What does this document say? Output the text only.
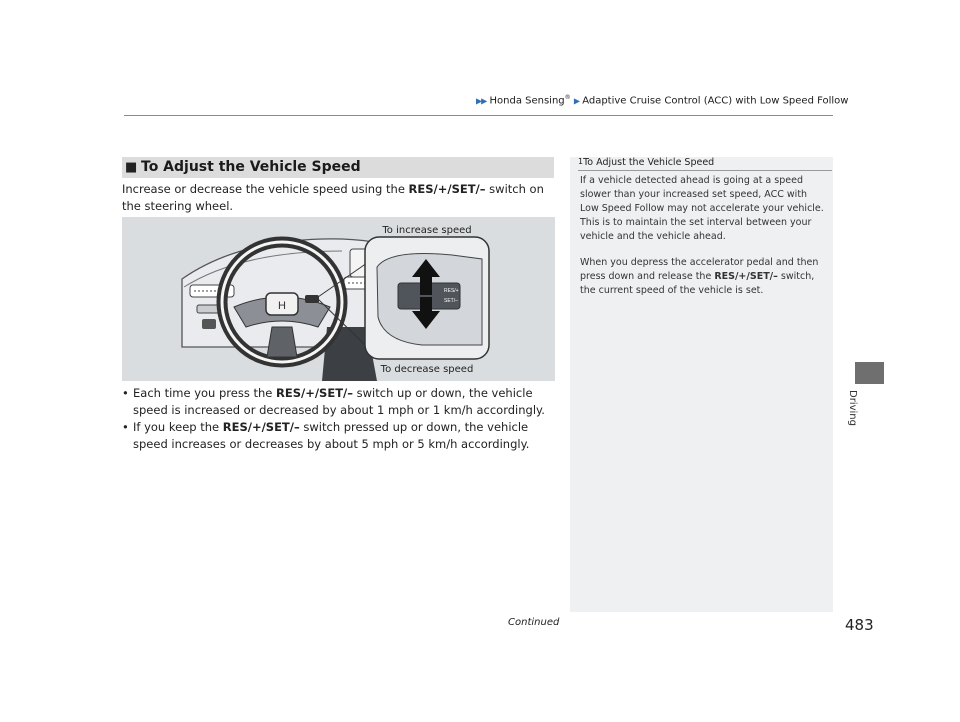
▶▶ Honda Sensing® ▶ Adaptive Cruise Control (ACC) with Low Speed Follow
Driving
■ To Adjust the Vehicle Speed
Increase or decrease the vehicle speed using the RES/+/SET/– switch on the steering wheel.
H
RES/+
SET/–
To increase speed
To decrease speed
• Each time you press the RES/+/SET/– switch up or down, the vehicle speed is increased or decreased by about 1 mph or 1 km/h accordingly.
• If you keep the RES/+/SET/– switch pressed up or down, the vehicle speed increases or decreases by about 5 mph or 5 km/h accordingly.
$^1$To Adjust the Vehicle Speed
If a vehicle detected ahead is going at a speed slower than your increased set speed, ACC with Low Speed Follow may not accelerate your vehicle. This is to maintain the set interval between your vehicle and the vehicle ahead.
When you depress the accelerator pedal and then press down and release the RES/+/SET/– switch, the current speed of the vehicle is set.
Continued	483
